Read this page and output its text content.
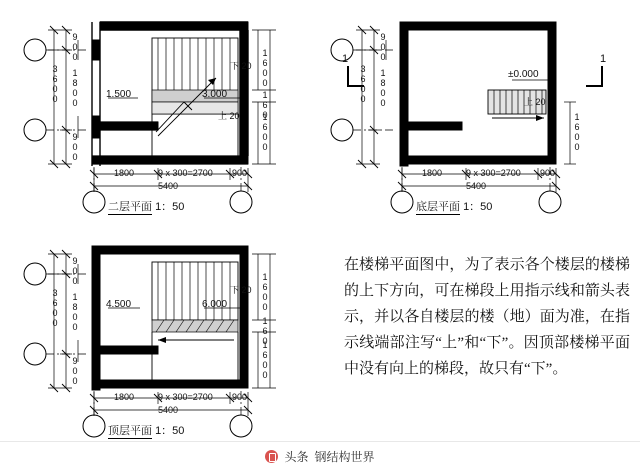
900
1800
900
3600
1800	9 x 300=2700 900
5400
下 20 1600
160
1600
1.500	3.000
上 20
二层平面 1：50
900
1800
3600
1800	9 x 300=2700 900
5400
±0.000
上 20
1600
1	1
底层平面 1：50
900
1800
900
3600
1800	9 x 300=2700 900
5400
下 20 1600
160
1600
4.500	6.000
顶层平面 1：50
在楼梯平面图中，为了表示各个楼层的楼梯的上下方向，可在梯段上用指示线和箭头表示，并以各自楼层的楼（地）面为准，在指示线端部注写“上”和“下”。因顶部楼梯平面中没有向上的梯段，故只有“下”。
头条 钢结构世界
